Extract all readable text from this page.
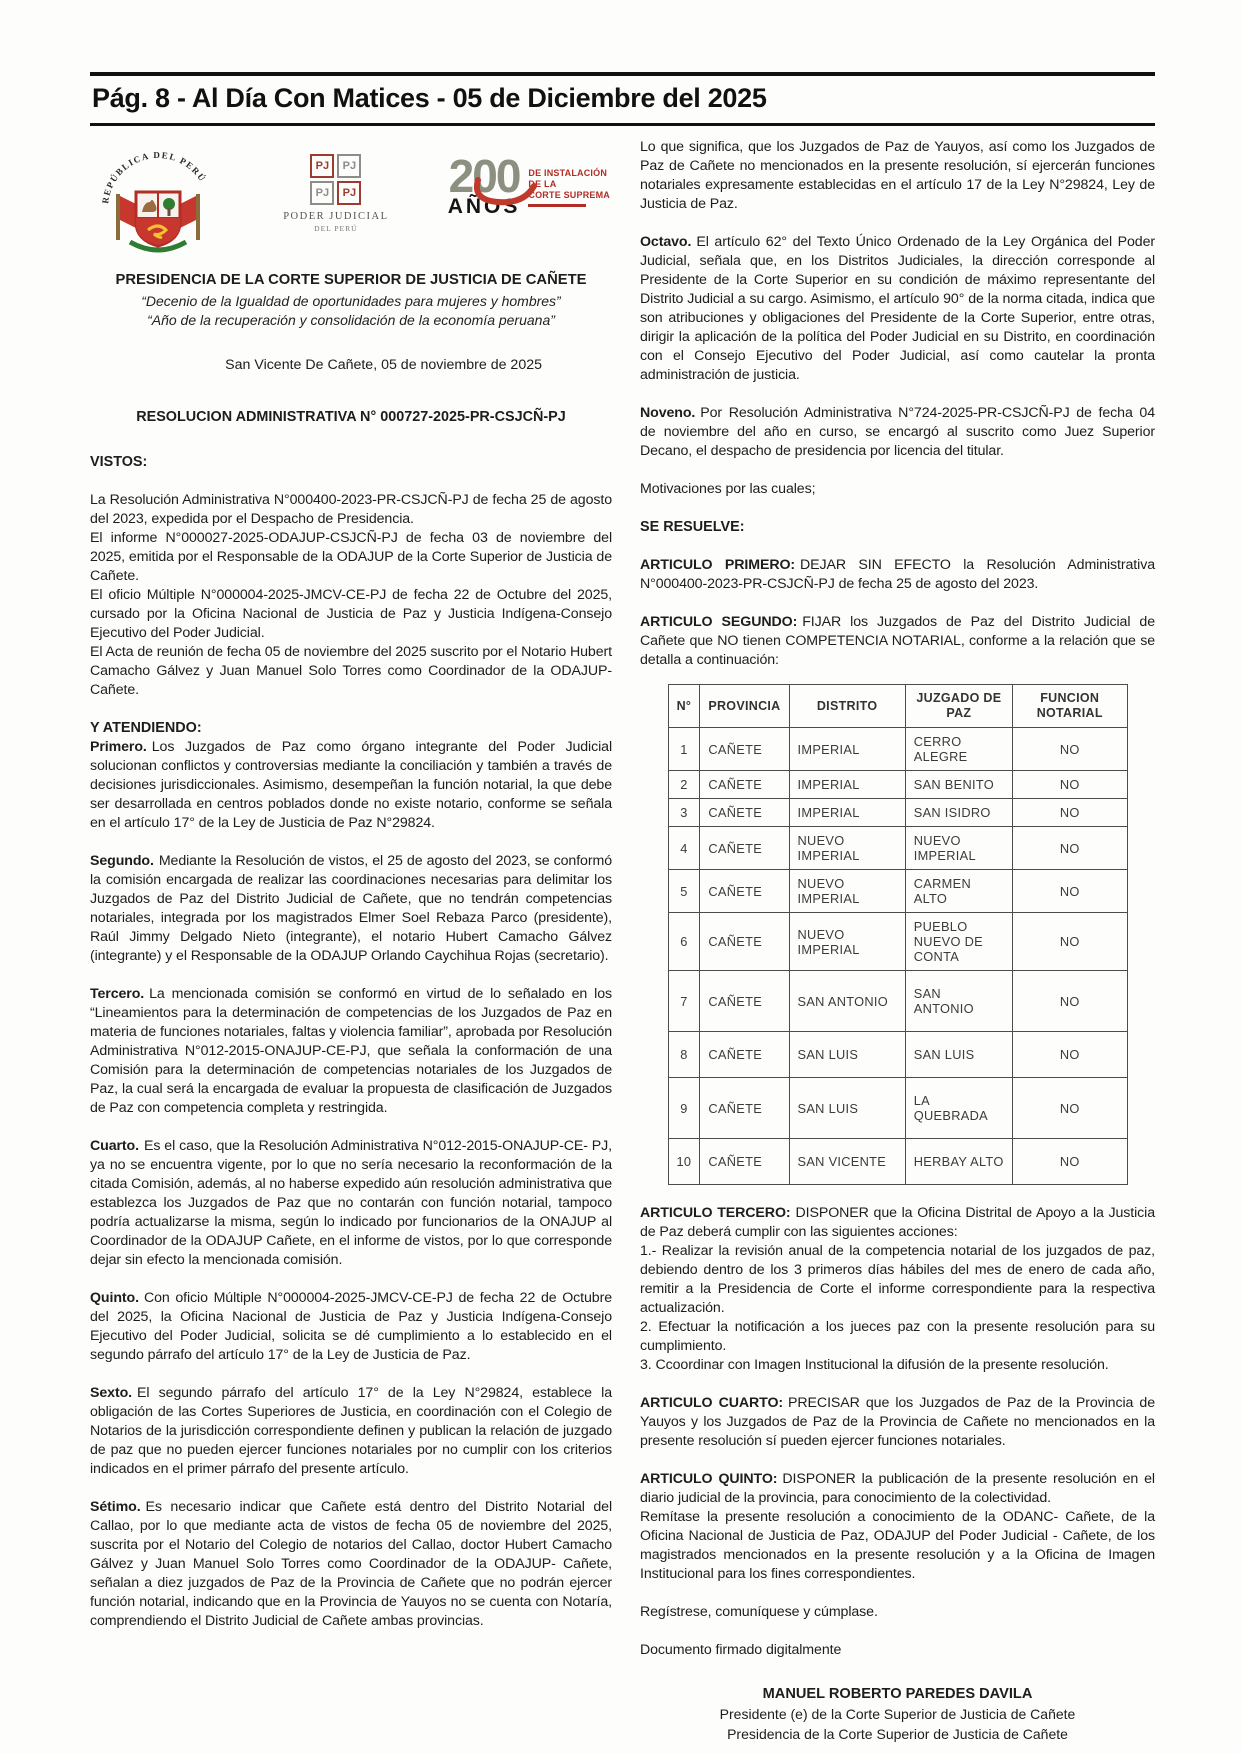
Pág. 8 - Al Día Con Matices - 05 de Diciembre del 2025
REPÚBLICA DEL PERÚ
PJ	PJ
PJ	PJ
PODER JUDICIAL
DEL PERÚ
200
AÑOS
DE INSTALACIÓN
DE LA
CORTE SUPREMA

PRESIDENCIA DE LA CORTE SUPERIOR DE JUSTICIA DE CAÑETE

“Decenio de la Igualdad de oportunidades para mujeres y hombres”

“Año de la recuperación y consolidación de la economía peruana”

San Vicente De Cañete, 05 de noviembre de 2025

RESOLUCION ADMINISTRATIVA N° 000727-2025-PR-CSJCÑ-PJ

VISTOS:

La Resolución Administrativa N°000400-2023-PR-CSJCÑ-PJ de fecha 25 de agosto del 2023, expedida por el Despacho de Presidencia.

El informe N°000027-2025-ODAJUP-CSJCÑ-PJ de fecha 03 de noviembre del 2025, emitida por el Responsable de la ODAJUP de la Corte Superior de Justicia de Cañete.

El oficio Múltiple N°000004-2025-JMCV-CE-PJ de fecha 22 de Octubre del 2025, cursado por la Oficina Nacional de Justicia de Paz y Justicia Indígena-Consejo Ejecutivo del Poder Judicial.

El Acta de reunión de fecha 05 de noviembre del 2025 suscrito por el Notario Hubert Camacho Gálvez y Juan Manuel Solo Torres como Coordinador de la ODAJUP-Cañete.

Y ATENDIENDO:

Primero. Los Juzgados de Paz como órgano integrante del Poder Judicial solucionan conflictos y controversias mediante la conciliación y también a través de decisiones jurisdiccionales. Asimismo, desempeñan la función notarial, la que debe ser desarrollada en centros poblados donde no existe notario, conforme se señala en el artículo 17° de la Ley de Justicia de Paz N°29824.

Segundo. Mediante la Resolución de vistos, el 25 de agosto del 2023, se conformó la comisión encargada de realizar las coordinaciones necesarias para delimitar los Juzgados de Paz del Distrito Judicial de Cañete, que no tendrán competencias notariales, integrada por los magistrados Elmer Soel Rebaza Parco (presidente), Raúl Jimmy Delgado Nieto (integrante), el notario Hubert Camacho Gálvez (integrante) y el Responsable de la ODAJUP Orlando Caychihua Rojas (secretario).

Tercero. La mencionada comisión se conformó en virtud de lo señalado en los “Lineamientos para la determinación de competencias de los Juzgados de Paz en materia de funciones notariales, faltas y violencia familiar”, aprobada por Resolución Administrativa N°012-2015-ONAJUP-CE-PJ, que señala la conformación de una Comisión para la determinación de competencias notariales de los Juzgados de Paz, la cual será la encargada de evaluar la propuesta de clasificación de Juzgados de Paz con competencia completa y restringida.

Cuarto. Es el caso, que la Resolución Administrativa N°012-2015-ONAJUP-CE- PJ, ya no se encuentra vigente, por lo que no sería necesario la reconformación de la citada Comisión, además, al no haberse expedido aún resolución administrativa que establezca los Juzgados de Paz que no contarán con función notarial, tampoco podría actualizarse la misma, según lo indicado por funcionarios de la ONAJUP al Coordinador de la ODAJUP Cañete, en el informe de vistos, por lo que corresponde dejar sin efecto la mencionada comisión.

Quinto. Con oficio Múltiple N°000004-2025-JMCV-CE-PJ de fecha 22 de Octubre del 2025, la Oficina Nacional de Justicia de Paz y Justicia Indígena-Consejo Ejecutivo del Poder Judicial, solicita se dé cumplimiento a lo establecido en el segundo párrafo del artículo 17° de la Ley de Justicia de Paz.

Sexto. El segundo párrafo del artículo 17° de la Ley N°29824, establece la obligación de las Cortes Superiores de Justicia, en coordinación con el Colegio de Notarios de la jurisdicción correspondiente definen y publican la relación de juzgado de paz que no pueden ejercer funciones notariales por no cumplir con los criterios indicados en el primer párrafo del presente artículo.

Sétimo. Es necesario indicar que Cañete está dentro del Distrito Notarial del Callao, por lo que mediante acta de vistos de fecha 05 de noviembre del 2025, suscrita por el Notario del Colegio de notarios del Callao, doctor Hubert Camacho Gálvez y Juan Manuel Solo Torres como Coordinador de la ODAJUP- Cañete, señalan a diez juzgados de Paz de la Provincia de Cañete que no podrán ejercer función notarial, indicando que en la Provincia de Yauyos no se cuenta con Notaría, comprendiendo el Distrito Judicial de Cañete ambas provincias.

Lo que significa, que los Juzgados de Paz de Yauyos, así como los Juzgados de Paz de Cañete no mencionados en la presente resolución, sí ejercerán funciones notariales expresamente establecidas en el artículo 17 de la Ley N°29824, Ley de Justicia de Paz.

Octavo. El artículo 62° del Texto Único Ordenado de la Ley Orgánica del Poder Judicial, señala que, en los Distritos Judiciales, la dirección corresponde al Presidente de la Corte Superior en su condición de máximo representante del Distrito Judicial a su cargo. Asimismo, el artículo 90° de la norma citada, indica que son atribuciones y obligaciones del Presidente de la Corte Superior, entre otras, dirigir la aplicación de la política del Poder Judicial en su Distrito, en coordinación con el Consejo Ejecutivo del Poder Judicial, así como cautelar la pronta administración de justicia.

Noveno. Por Resolución Administrativa N°724-2025-PR-CSJCÑ-PJ de fecha 04 de noviembre del año en curso, se encargó al suscrito como Juez Superior Decano, el despacho de presidencia por licencia del titular.

Motivaciones por las cuales;

SE RESUELVE:

ARTICULO PRIMERO: DEJAR SIN EFECTO la Resolución Administrativa N°000400-2023-PR-CSJCÑ-PJ de fecha 25 de agosto del 2023.

ARTICULO SEGUNDO: FIJAR los Juzgados de Paz del Distrito Judicial de Cañete que NO tienen COMPETENCIA NOTARIAL, conforme a la relación que se detalla a continuación:

N°	PROVINCIA	DISTRITO	JUZGADO DE PAZ	FUNCION NOTARIAL
1	CAÑETE	IMPERIAL	CERRO ALEGRE	NO
2	CAÑETE	IMPERIAL	SAN BENITO	NO
3	CAÑETE	IMPERIAL	SAN ISIDRO	NO
4	CAÑETE	NUEVO IMPERIAL	NUEVO IMPERIAL	NO
5	CAÑETE	NUEVO IMPERIAL	CARMEN ALTO	NO
6	CAÑETE	NUEVO IMPERIAL	PUEBLO NUEVO DE CONTA	NO
7	CAÑETE	SAN ANTONIO	SAN ANTONIO	NO
8	CAÑETE	SAN LUIS	SAN LUIS	NO
9	CAÑETE	SAN LUIS	LA QUEBRADA	NO
10	CAÑETE	SAN VICENTE	HERBAY ALTO	NO

ARTICULO TERCERO: DISPONER que la Oficina Distrital de Apoyo a la Justicia de Paz deberá cumplir con las siguientes acciones:

1.- Realizar la revisión anual de la competencia notarial de los juzgados de paz, debiendo dentro de los 3 primeros días hábiles del mes de enero de cada año, remitir a la Presidencia de Corte el informe correspondiente para la respectiva actualización.

2. Efectuar la notificación a los jueces paz con la presente resolución para su cumplimiento.

3. Ccoordinar con Imagen Institucional la difusión de la presente resolución.

ARTICULO CUARTO: PRECISAR que los Juzgados de Paz de la Provincia de Yauyos y los Juzgados de Paz de la Provincia de Cañete no mencionados en la presente resolución sí pueden ejercer funciones notariales.

ARTICULO QUINTO: DISPONER la publicación de la presente resolución en el diario judicial de la provincia, para conocimiento de la colectividad.

Remítase la presente resolución a conocimiento de la ODANC- Cañete, de la Oficina Nacional de Justicia de Paz, ODAJUP del Poder Judicial - Cañete, de los magistrados mencionados en la presente resolución y a la Oficina de Imagen Institucional para los fines correspondientes.

Regístrese, comuníquese y cúmplase.

Documento firmado digitalmente

MANUEL ROBERTO PAREDES DAVILA
Presidente (e) de la Corte Superior de Justicia de Cañete
Presidencia de la Corte Superior de Justicia de Cañete
